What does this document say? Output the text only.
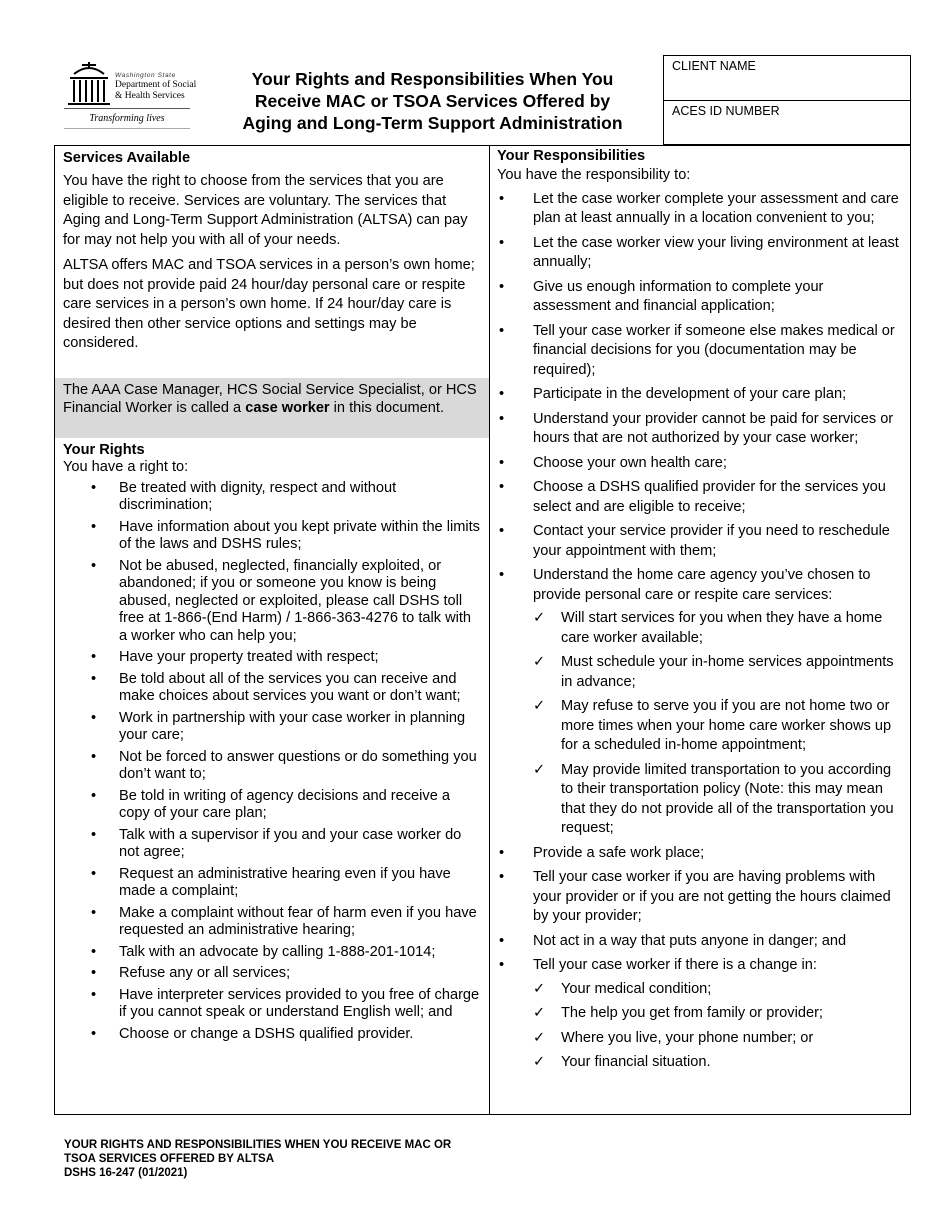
Washington State
Department of Social
& Health Services
Transforming lives
Your Rights and Responsibilities When You
Receive MAC or TSOA Services Offered by
Aging and Long-Term Support Administration
CLIENT NAME
ACES ID NUMBER

Services Available

You have the right to choose from the services that you are eligible to receive. Services are voluntary. The services that Aging and Long-Term Support Administration (ALTSA) can pay for may not help you with all of your needs.

ALTSA offers MAC and TSOA services in a person’s own home; but does not provide paid 24 hour/day personal care or respite care services in a person’s own home. If 24 hour/day care is desired then other service options and settings may be considered.

The AAA Case Manager, HCS Social Service Specialist, or HCS Financial Worker is called a case worker in this document.

Your Rights

You have a right to:

• Be treated with dignity, respect and without discrimination;
• Have information about you kept private within the limits of the laws and DSHS rules;
• Not be abused, neglected, financially exploited, or abandoned; if you or someone you know is being abused, neglected or exploited, please call DSHS toll free at 1-866-(End Harm) / 1-866-363-4276 to talk with a worker who can help you;
• Have your property treated with respect;
• Be told about all of the services you can receive and make choices about services you want or don’t want;
• Work in partnership with your case worker in planning your care;
• Not be forced to answer questions or do something you don’t want to;
• Be told in writing of agency decisions and receive a copy of your care plan;
• Talk with a supervisor if you and your case worker do not agree;
• Request an administrative hearing even if you have made a complaint;
• Make a complaint without fear of harm even if you have requested an administrative hearing;
• Talk with an advocate by calling 1-888-201-1014;
• Refuse any or all services;
• Have interpreter services provided to you free of charge if you cannot speak or understand English well; and
• Choose or change a DSHS qualified provider.

Your Responsibilities

You have the responsibility to:

• Let the case worker complete your assessment and care plan at least annually in a location convenient to you;
• Let the case worker view your living environment at least annually;
• Give us enough information to complete your assessment and financial application;
• Tell your case worker if someone else makes medical or financial decisions for you (documentation may be required);
• Participate in the development of your care plan;
• Understand your provider cannot be paid for services or hours that are not authorized by your case worker;
• Choose your own health care;
• Choose a DSHS qualified provider for the services you select and are eligible to receive;
• Contact your service provider if you need to reschedule your appointment with them;
• Understand the home care agency you’ve chosen to provide personal care or respite care services:
✓ Will start services for you when they have a home care worker available;
✓ Must schedule your in-home services appointments in advance;
✓ May refuse to serve you if you are not home two or more times when your home care worker shows up for a scheduled in-home appointment;
✓ May provide limited transportation to you according to their transportation policy (Note: this may mean that they do not provide all of the transportation you request;
• Provide a safe work place;
• Tell your case worker if you are having problems with your provider or if you are not getting the hours claimed by your provider;
• Not act in a way that puts anyone in danger; and
• Tell your case worker if there is a change in:
✓ Your medical condition;
✓ The help you get from family or provider;
✓ Where you live, your phone number; or
✓ Your financial situation.
YOUR RIGHTS AND RESPONSIBILITIES WHEN YOU RECEIVE MAC OR
TSOA SERVICES OFFERED BY ALTSA
DSHS 16-247 (01/2021)
